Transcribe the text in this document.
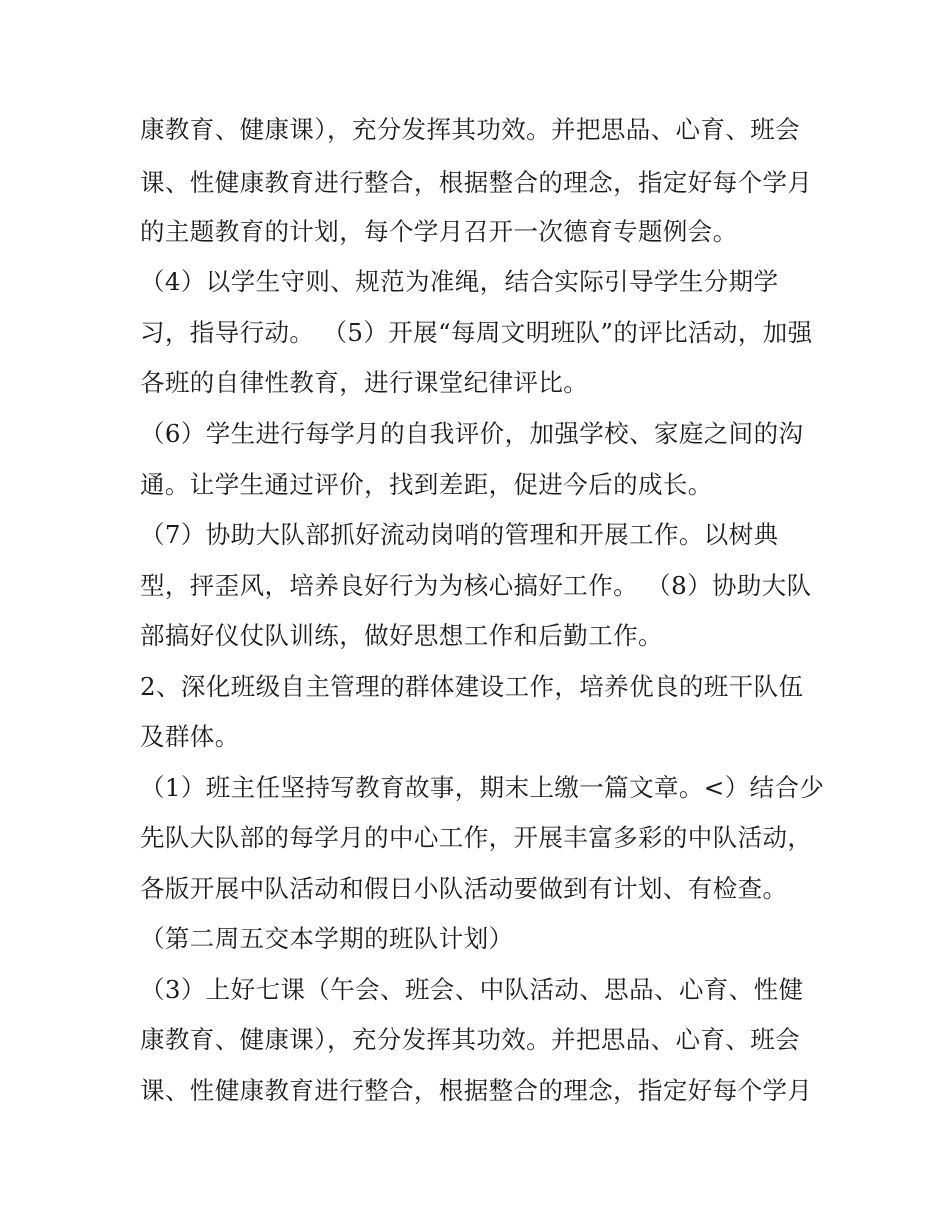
康教育、健康课），充分发挥其功效。并把思品、心育、班会
课、性健康教育进行整合，根据整合的理念，指定好每个学月
的主题教育的计划，每个学月召开一次德育专题例会。
（4）以学生守则、规范为准绳，结合实际引导学生分期学
习，指导行动。 （5）开展“每周文明班队”的评比活动，加强
各班的自律性教育，进行课堂纪律评比。
（6）学生进行每学月的自我评价，加强学校、家庭之间的沟
通。让学生通过评价，找到差距，促进今后的成长。
（7）协助大队部抓好流动岗哨的管理和开展工作。以树典
型，抨歪风，培养良好行为为核心搞好工作。 （8）协助大队
部搞好仪仗队训练，做好思想工作和后勤工作。
2、深化班级自主管理的群体建设工作，培养优良的班干队伍
及群体。
（1）班主任坚持写教育故事，期末上缴一篇文章。<）结合少
先队大队部的每学月的中心工作，开展丰富多彩的中队活动，
各版开展中队活动和假日小队活动要做到有计划、有检查。
（第二周五交本学期的班队计划）
（3）上好七课（午会、班会、中队活动、思品、心育、性健
康教育、健康课），充分发挥其功效。并把思品、心育、班会
课、性健康教育进行整合，根据整合的理念，指定好每个学月
